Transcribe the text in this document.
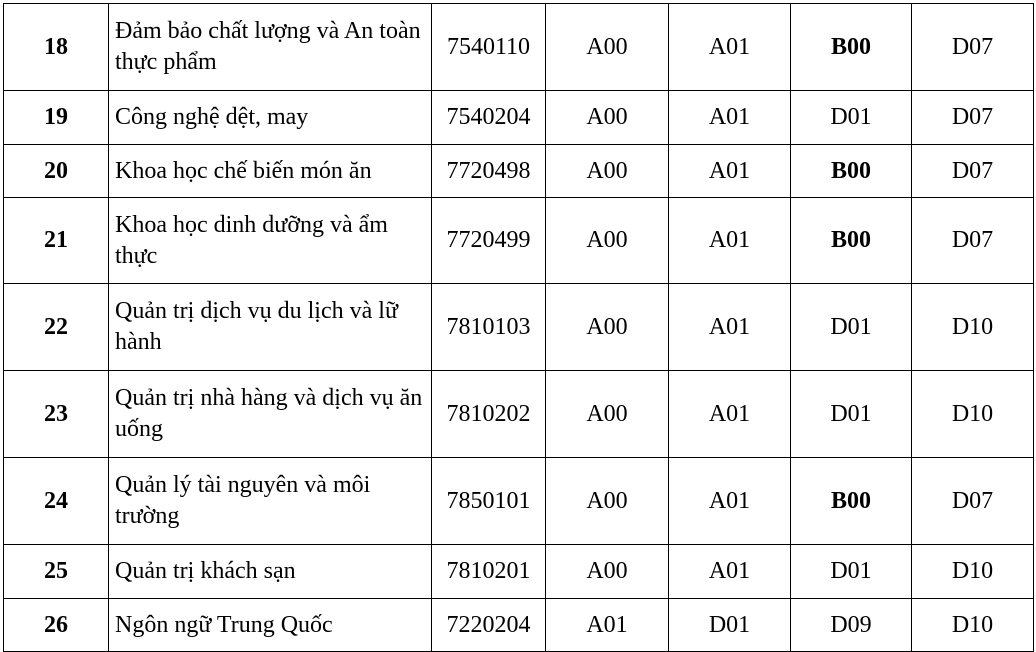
18	Đảm bảo chất lượng và An toàn thực phẩm	7540110	A00	A01	B00	D07
19	Công nghệ dệt, may	7540204	A00	A01	D01	D07
20	Khoa học chế biến món ăn	7720498	A00	A01	B00	D07
21	Khoa học dinh dưỡng và ẩm thực	7720499	A00	A01	B00	D07
22	Quản trị dịch vụ du lịch và lữ hành	7810103	A00	A01	D01	D10
23	Quản trị nhà hàng và dịch vụ ăn uống	7810202	A00	A01	D01	D10
24	Quản lý tài nguyên và môi trường	7850101	A00	A01	B00	D07
25	Quản trị khách sạn	7810201	A00	A01	D01	D10
26	Ngôn ngữ Trung Quốc	7220204	A01	D01	D09	D10
